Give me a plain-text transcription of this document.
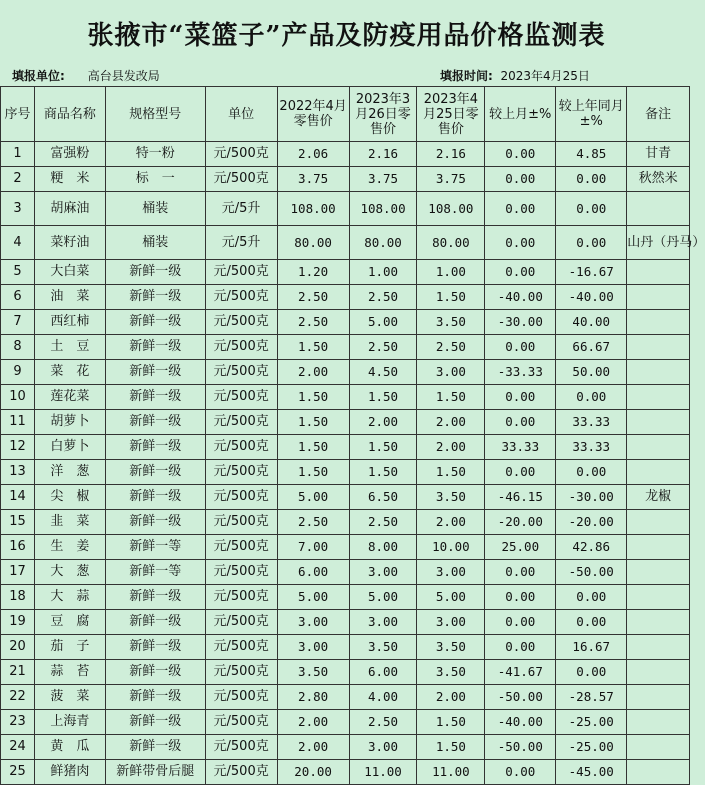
张掖市“菜篮子”产品及防疫用品价格监测表
填报单位: 高台县发改局	填报时间: 2023年4月25日
序号	商品名称	规格型号	单位	2022年4月零售价	2023年3月26日零售价	2023年4月25日零售价	较上月±%	较上年同月±%	备注
1	富强粉	特一粉	元/500克	2.06	2.16	2.16	0.00	4.85	甘青
2	粳　米	标　一	元/500克	3.75	3.75	3.75	0.00	0.00	秋然米
3	胡麻油	桶装	元/5升	108.00	108.00	108.00	0.00	0.00	
4	菜籽油	桶装	元/5升	80.00	80.00	80.00	0.00	0.00	山丹（丹马）
5	大白菜	新鲜一级	元/500克	1.20	1.00	1.00	0.00	-16.67	
6	油　菜	新鲜一级	元/500克	2.50	2.50	1.50	-40.00	-40.00	
7	西红柿	新鲜一级	元/500克	2.50	5.00	3.50	-30.00	40.00	
8	土　豆	新鲜一级	元/500克	1.50	2.50	2.50	0.00	66.67	
9	菜　花	新鲜一级	元/500克	2.00	4.50	3.00	-33.33	50.00	
10	莲花菜	新鲜一级	元/500克	1.50	1.50	1.50	0.00	0.00	
11	胡萝卜	新鲜一级	元/500克	1.50	2.00	2.00	0.00	33.33	
12	白萝卜	新鲜一级	元/500克	1.50	1.50	2.00	33.33	33.33	
13	洋　葱	新鲜一级	元/500克	1.50	1.50	1.50	0.00	0.00	
14	尖　椒	新鲜一级	元/500克	5.00	6.50	3.50	-46.15	-30.00	龙椒
15	韭　菜	新鲜一级	元/500克	2.50	2.50	2.00	-20.00	-20.00	
16	生　姜	新鲜一等	元/500克	7.00	8.00	10.00	25.00	42.86	
17	大　葱	新鲜一等	元/500克	6.00	3.00	3.00	0.00	-50.00	
18	大　蒜	新鲜一级	元/500克	5.00	5.00	5.00	0.00	0.00	
19	豆　腐	新鲜一级	元/500克	3.00	3.00	3.00	0.00	0.00	
20	茄　子	新鲜一级	元/500克	3.00	3.50	3.50	0.00	16.67	
21	蒜　苔	新鲜一级	元/500克	3.50	6.00	3.50	-41.67	0.00	
22	菠　菜	新鲜一级	元/500克	2.80	4.00	2.00	-50.00	-28.57	
23	上海青	新鲜一级	元/500克	2.00	2.50	1.50	-40.00	-25.00	
24	黄　瓜	新鲜一级	元/500克	2.00	3.00	1.50	-50.00	-25.00	
25	鲜猪肉	新鲜带骨后腿	元/500克	20.00	11.00	11.00	0.00	-45.00	
